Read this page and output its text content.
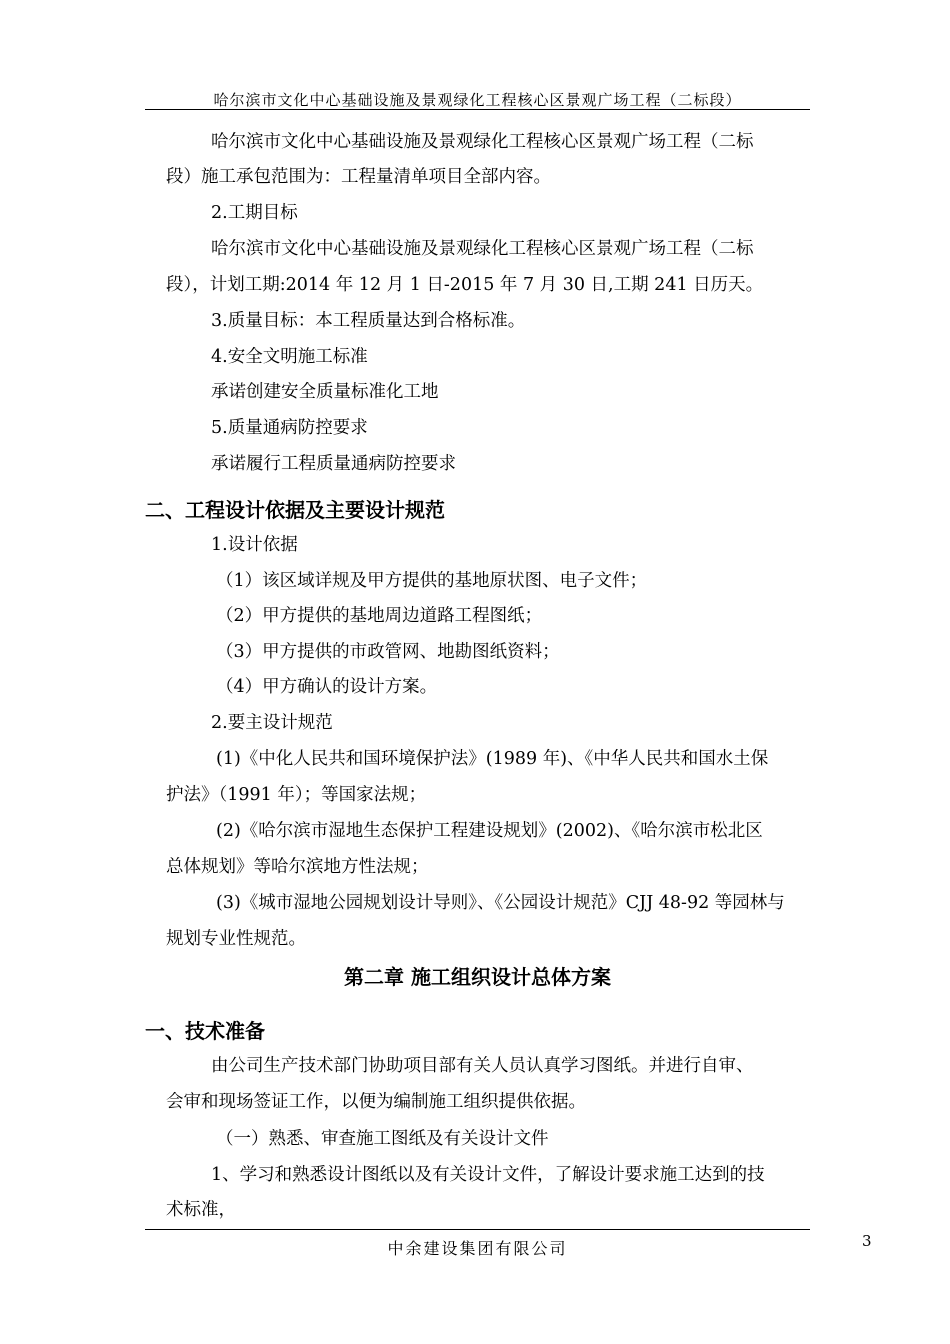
哈尔滨市文化中心基础设施及景观绿化工程核心区景观广场工程（二标段）
哈尔滨市文化中心基础设施及景观绿化工程核心区景观广场工程（二标
段）施工承包范围为：工程量清单项目全部内容。
2.工期目标
哈尔滨市文化中心基础设施及景观绿化工程核心区景观广场工程（二标
段），计划工期:2014 年 12 月 1 日-2015 年 7 月 30 日,工期 241 日历天。
3.质量目标：本工程质量达到合格标准。
4.安全文明施工标准
承诺创建安全质量标准化工地
5.质量通病防控要求
承诺履行工程质量通病防控要求
二、工程设计依据及主要设计规范
1.设计依据
（1）该区域详规及甲方提供的基地原状图、电子文件；
（2）甲方提供的基地周边道路工程图纸；
（3）甲方提供的市政管网、地勘图纸资料；
（4）甲方确认的设计方案。
2.要主设计规范
(1)《中化人民共和国环境保护法》(1989 年)、《中华人民共和国水土保
护法》（1991 年）；等国家法规；
(2)《哈尔滨市湿地生态保护工程建设规划》(2002)、《哈尔滨市松北区
总体规划》等哈尔滨地方性法规；
(3)《城市湿地公园规划设计导则》、《公园设计规范》CJJ 48-92 等园林与
规划专业性规范。
第二章 施工组织设计总体方案
一、技术准备
由公司生产技术部门协助项目部有关人员认真学习图纸。并进行自审、
会审和现场签证工作，以便为编制施工组织提供依据。
（一）熟悉、审查施工图纸及有关设计文件
1、学习和熟悉设计图纸以及有关设计文件，了解设计要求施工达到的技
术标准，
中余建设集团有限公司	3
